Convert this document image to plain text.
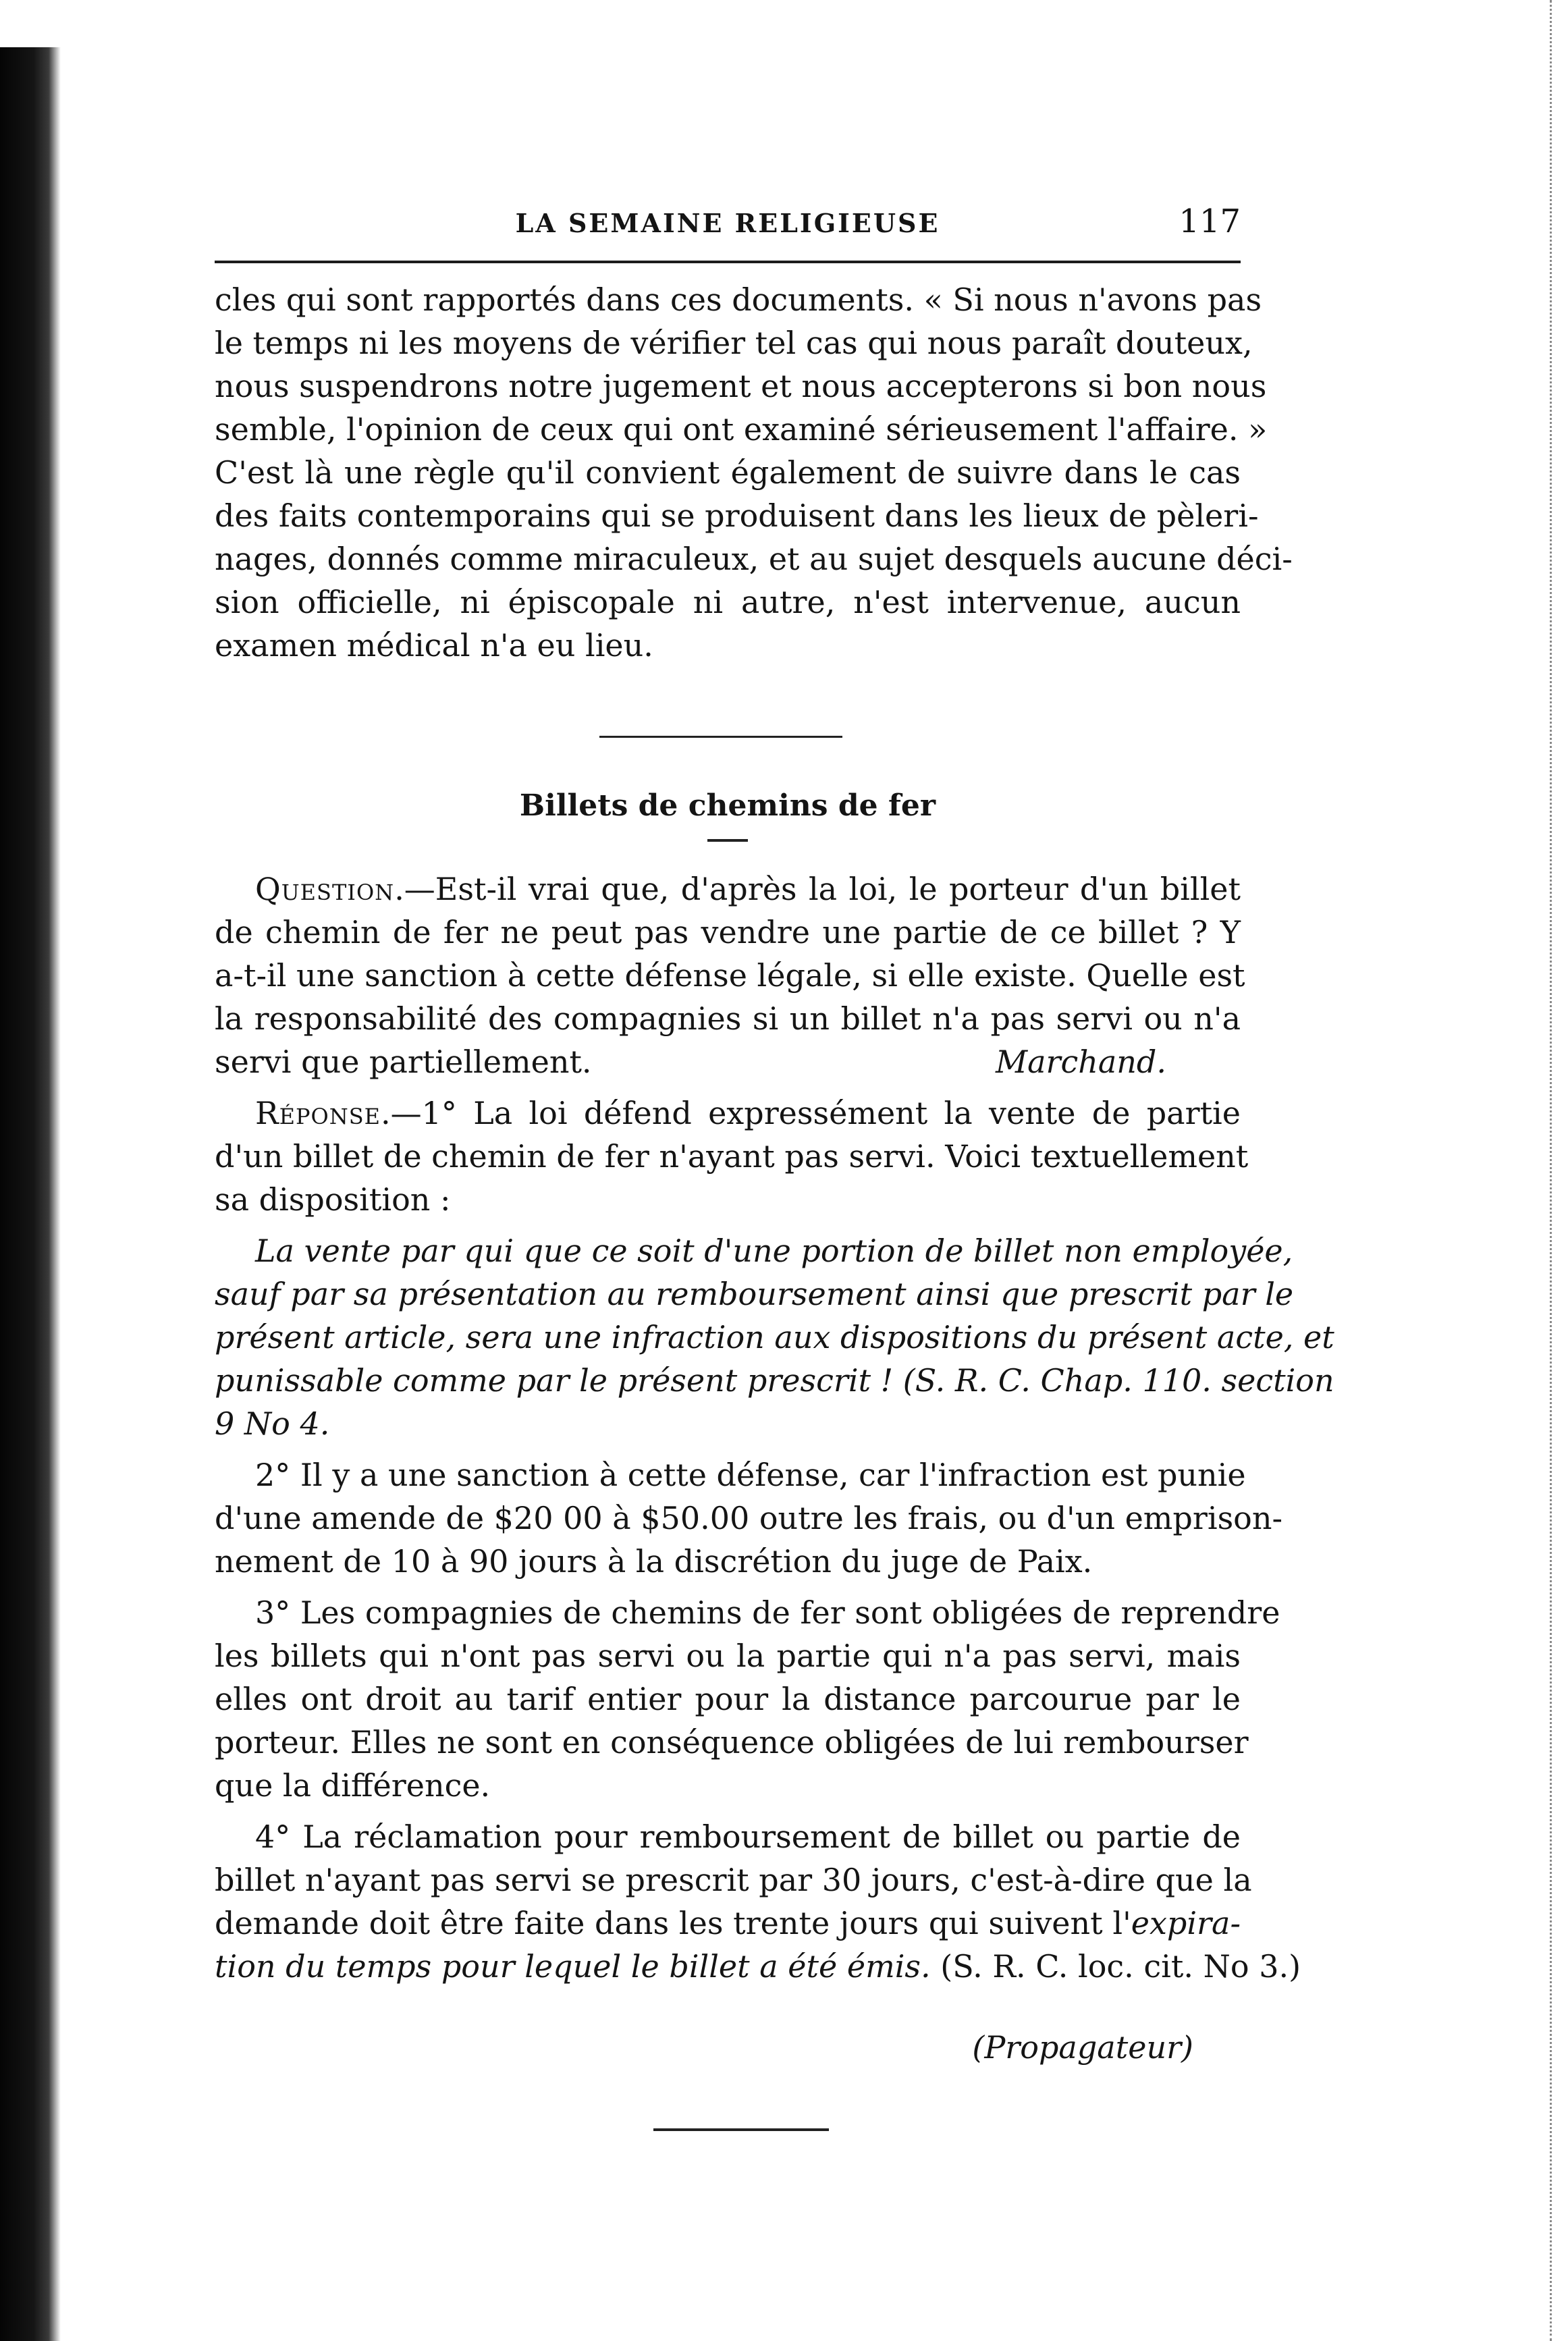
LA SEMAINE RELIGIEUSE	117
cles qui sont rapportés dans ces documents. « Si nous n'avons pas
le temps ni les moyens de vérifier tel cas qui nous paraît douteux,
nous suspendrons notre jugement et nous accepterons si bon nous
semble, l'opinion de ceux qui ont examiné sérieusement l'affaire. »
C'est là une règle qu'il convient également de suivre dans le cas
des faits contemporains qui se produisent dans les lieux de pèleri-
nages, donnés comme miraculeux, et au sujet desquels aucune déci-
sion officielle, ni épiscopale ni autre, n'est intervenue, aucun
examen médical n'a eu lieu.
Billets de chemins de fer
Question.—Est-il vrai que, d'après la loi, le porteur d'un billet
de chemin de fer ne peut pas vendre une partie de ce billet ? Y
a-t-il une sanction à cette défense légale, si elle existe. Quelle est
la responsabilité des compagnies si un billet n'a pas servi ou n'a
servi que partiellement.	Marchand.
Réponse.—1° La loi défend expressément la vente de partie
d'un billet de chemin de fer n'ayant pas servi. Voici textuellement
sa disposition :
La vente par qui que ce soit d'une portion de billet non employée,
sauf par sa présentation au remboursement ainsi que prescrit par le
présent article, sera une infraction aux dispositions du présent acte, et
punissable comme par le présent prescrit ! (S. R. C. Chap. 110. section
9 No 4.
2° Il y a une sanction à cette défense, car l'infraction est punie
d'une amende de $20 00 à $50.00 outre les frais, ou d'un emprison-
nement de 10 à 90 jours à la discrétion du juge de Paix.
3° Les compagnies de chemins de fer sont obligées de reprendre
les billets qui n'ont pas servi ou la partie qui n'a pas servi, mais
elles ont droit au tarif entier pour la distance parcourue par le
porteur. Elles ne sont en conséquence obligées de lui rembourser
que la différence.
4° La réclamation pour remboursement de billet ou partie de
billet n'ayant pas servi se prescrit par 30 jours, c'est-à-dire que la
demande doit être faite dans les trente jours qui suivent l'expira-
tion du temps pour lequel le billet a été émis. (S. R. C. loc. cit. No 3.)
(Propagateur)
